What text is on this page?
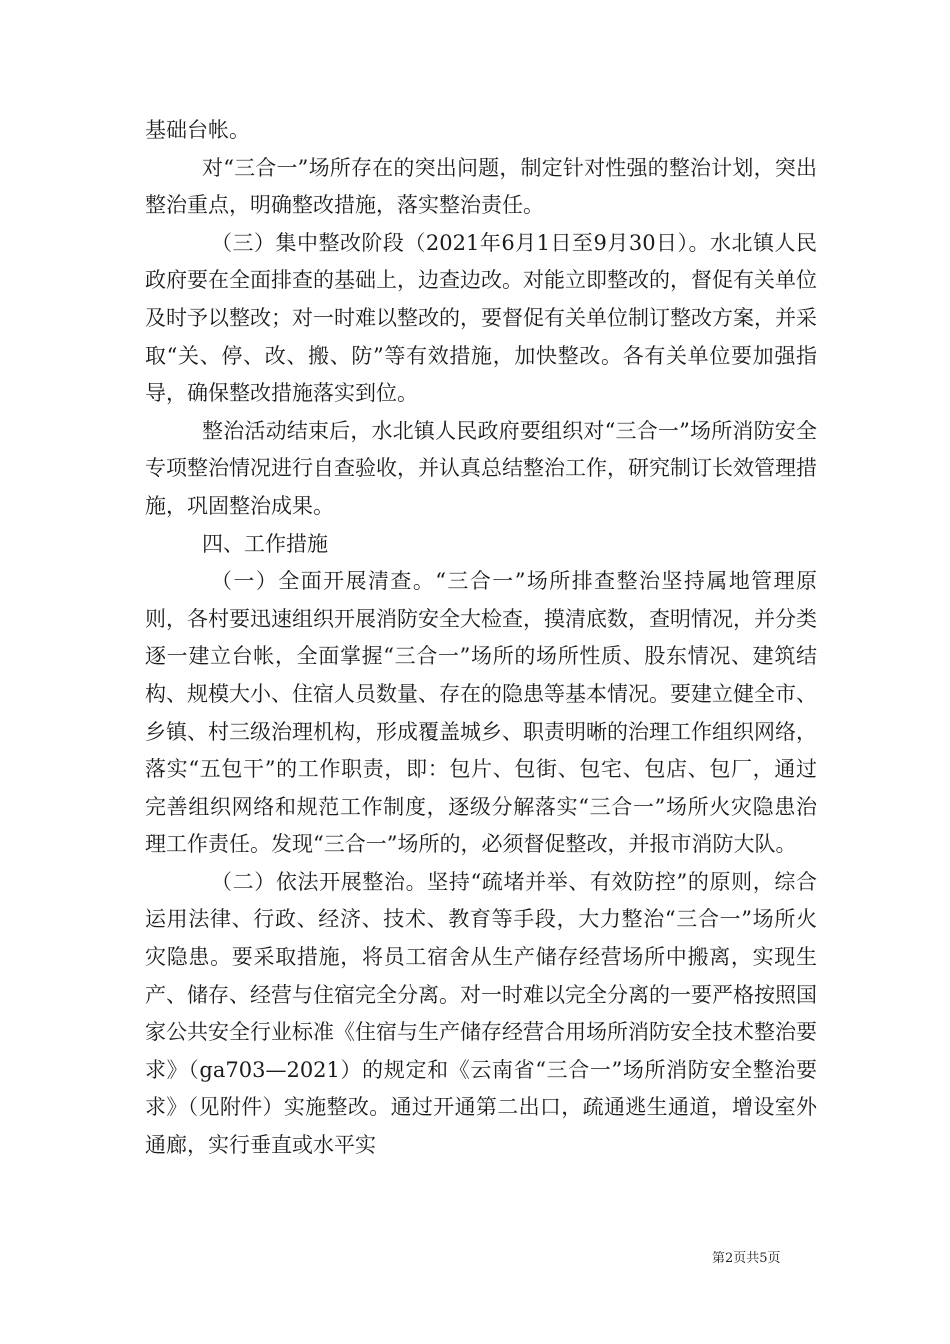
基础台帐。

对“三合一”场所存在的突出问题，制定针对性强的整治计划，突出整治重点，明确整改措施，落实整治责任。

（三）集中整改阶段（2021年6月1日至9月30日）。水北镇人民政府要在全面排查的基础上，边查边改。对能立即整改的，督促有关单位及时予以整改；对一时难以整改的，要督促有关单位制订整改方案，并采取“关、停、改、搬、防”等有效措施，加快整改。各有关单位要加强指导，确保整改措施落实到位。

整治活动结束后，水北镇人民政府要组织对“三合一”场所消防安全专项整治情况进行自查验收，并认真总结整治工作，研究制订长效管理措施，巩固整治成果。

四、工作措施

（一）全面开展清查。“三合一”场所排查整治坚持属地管理原则，各村要迅速组织开展消防安全大检查，摸清底数，查明情况，并分类逐一建立台帐，全面掌握“三合一”场所的场所性质、股东情况、建筑结构、规模大小、住宿人员数量、存在的隐患等基本情况。要建立健全市、乡镇、村三级治理机构，形成覆盖城乡、职责明晰的治理工作组织网络，落实“五包干”的工作职责，即：包片、包街、包宅、包店、包厂，通过完善组织网络和规范工作制度，逐级分解落实“三合一”场所火灾隐患治理工作责任。发现“三合一”场所的，必须督促整改，并报市消防大队。

（二）依法开展整治。坚持“疏堵并举、有效防控”的原则，综合运用法律、行政、经济、技术、教育等手段，大力整治“三合一”场所火灾隐患。要采取措施，将员工宿舍从生产储存经营场所中搬离，实现生产、储存、经营与住宿完全分离。对一时难以完全分离的一要严格按照国家公共安全行业标准《住宿与生产储存经营合用场所消防安全技术整治要求》（ga703—2021）的规定和《云南省“三合一”场所消防安全整治要求》（见附件）实施整改。通过开通第二出口，疏通逃生通道，增设室外通廊，实行垂直或水平实

第2页共5页
